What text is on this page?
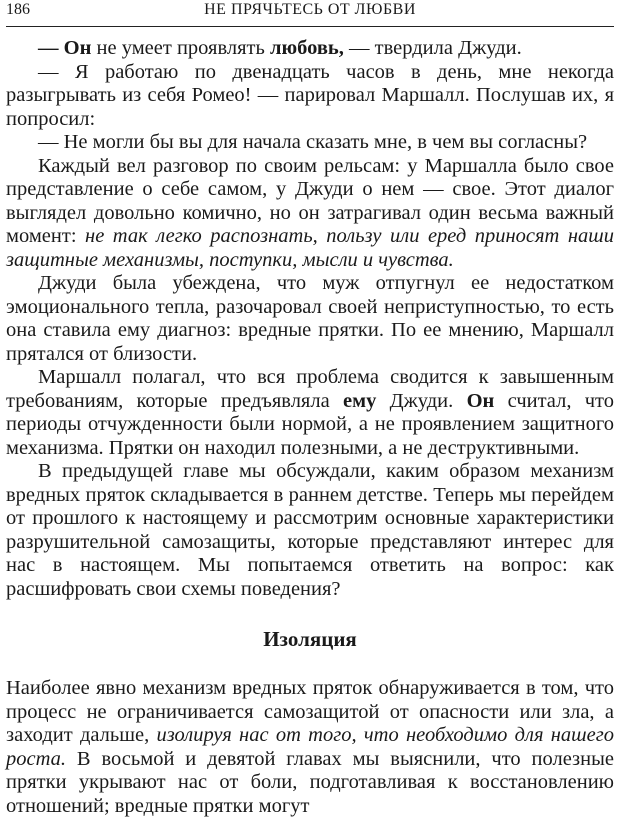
186	НЕ ПРЯЧЬТЕСЬ ОТ ЛЮБВИ

— Он не умеет проявлять любовь, — твердила Джуди.

— Я работаю по двенадцать часов в день, мне некогда разыгрывать из себя Ромео! — парировал Маршалл. Послушав их, я попросил:

— Не могли бы вы для начала сказать мне, в чем вы согласны?

Каждый вел разговор по своим рельсам: у Маршалла было свое представление о себе самом, у Джуди о нем — свое. Этот диалог выглядел довольно комично, но он затрагивал один весьма важный момент: не так легко распознать, пользу или еред приносят наши защитные механизмы, поступки, мысли и чувства.

Джуди была убеждена, что муж отпугнул ее недостатком эмоционального тепла, разочаровал своей неприступностью, то есть она ставила ему диагноз: вредные прятки. По ее мнению, Маршалл прятался от близости.

Маршалл полагал, что вся проблема сводится к завышенным требованиям, которые предъявляла ему Джуди. Он считал, что периоды отчужденности были нормой, а не проявлением защитного механизма. Прятки он находил полезными, а не деструктивными.

В предыдущей главе мы обсуждали, каким образом механизм вредных пряток складывается в раннем детстве. Теперь мы перейдем от прошлого к настоящему и рассмотрим основные характеристики разрушительной самозащиты, которые представляют интерес для нас в настоящем. Мы попытаемся ответить на вопрос: как расшифровать свои схемы поведения?

Изоляция

Наиболее явно механизм вредных пряток обнаруживается в том, что процесс не ограничивается самозащитой от опасности или зла, а заходит дальше, изолируя нас от того, что необходимо для нашего роста. В восьмой и девятой главах мы выяснили, что полезные прятки укрывают нас от боли, подготавливая к восстановлению отношений; вредные прятки могут
